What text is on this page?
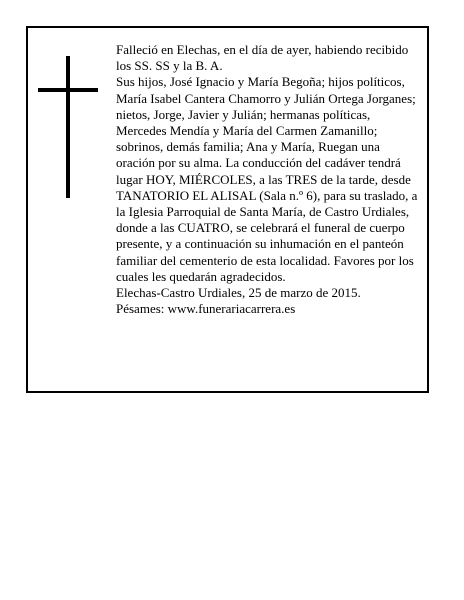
Falleció en Elechas, en el día de ayer, habiendo recibido los SS. SS y la B. A.

Sus hijos, José Ignacio y María Begoña; hijos políticos, María Isabel Cantera Chamorro y Julián Ortega Jorganes; nietos, Jorge, Javier y Julián; hermanas políticas, Mercedes Mendía y María del Carmen Zamanillo; sobrinos, demás familia; Ana y María, Ruegan una oración por su alma. La conducción del cadáver tendrá lugar HOY, MIÉRCOLES, a las TRES de la tarde, desde TANATORIO EL ALISAL (Sala n.º 6), para su traslado, a la Iglesia Parroquial de Santa María, de Castro Urdiales, donde a las CUATRO, se celebrará el funeral de cuerpo presente, y a continuación su inhumación en el panteón familiar del cementerio de esta localidad. Favores por los cuales les quedarán agradecidos.

Elechas-Castro Urdiales, 25 de marzo de 2015.

Pésames: www.funerariacarrera.es
